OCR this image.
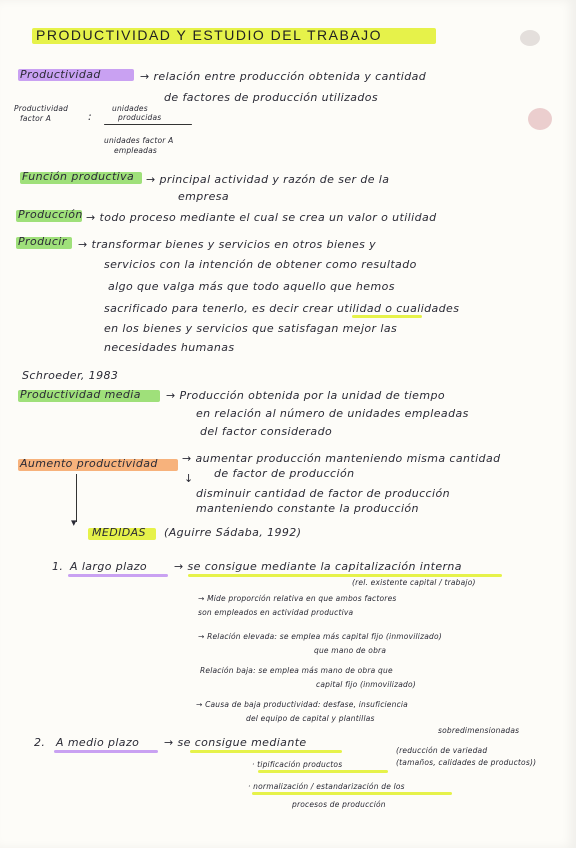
PRODUCTIVIDAD Y ESTUDIO DEL TRABAJO
Productividad	→ relación entre producción obtenida y cantidad
de factores de producción utilizados
Productividad
factor A	:
unidades
producidas
unidades factor A
empleadas
Función productiva → principal actividad y razón de ser de la
empresa
Producción → todo proceso mediante el cual se crea un valor o utilidad
Producir → transformar bienes y servicios en otros bienes y
servicios con la intención de obtener como resultado
algo que valga más que todo aquello que hemos
sacrificado para tenerlo, es decir crear utilidad o cualidades
en los bienes y servicios que satisfagan mejor las
necesidades humanas
Schroeder, 1983
Productividad media → Producción obtenida por la unidad de tiempo
en relación al número de unidades empleadas
del factor considerado
Aumento productividad → aumentar producción manteniendo misma cantidad
de factor de producción
↓
disminuir cantidad de factor de producción
manteniendo constante la producción
▾
MEDIDAS (Aguirre Sádaba, 1992)
1. A largo plazo → se consigue mediante la capitalización interna
(rel. existente capital / trabajo)
→ Mide proporción relativa en que ambos factores
son empleados en actividad productiva
→ Relación elevada: se emplea más capital fijo (inmovilizado)
que mano de obra
Relación baja: se emplea más mano de obra que
capital fijo (inmovilizado)
→ Causa de baja productividad: desfase, insuficiencia
del equipo de capital y plantillas
sobredimensionadas
2. A medio plazo → se consigue mediante
· tipificación productos
(reducción de variedad
(tamaños, calidades de productos))
· normalización / estandarización de los
procesos de producción
